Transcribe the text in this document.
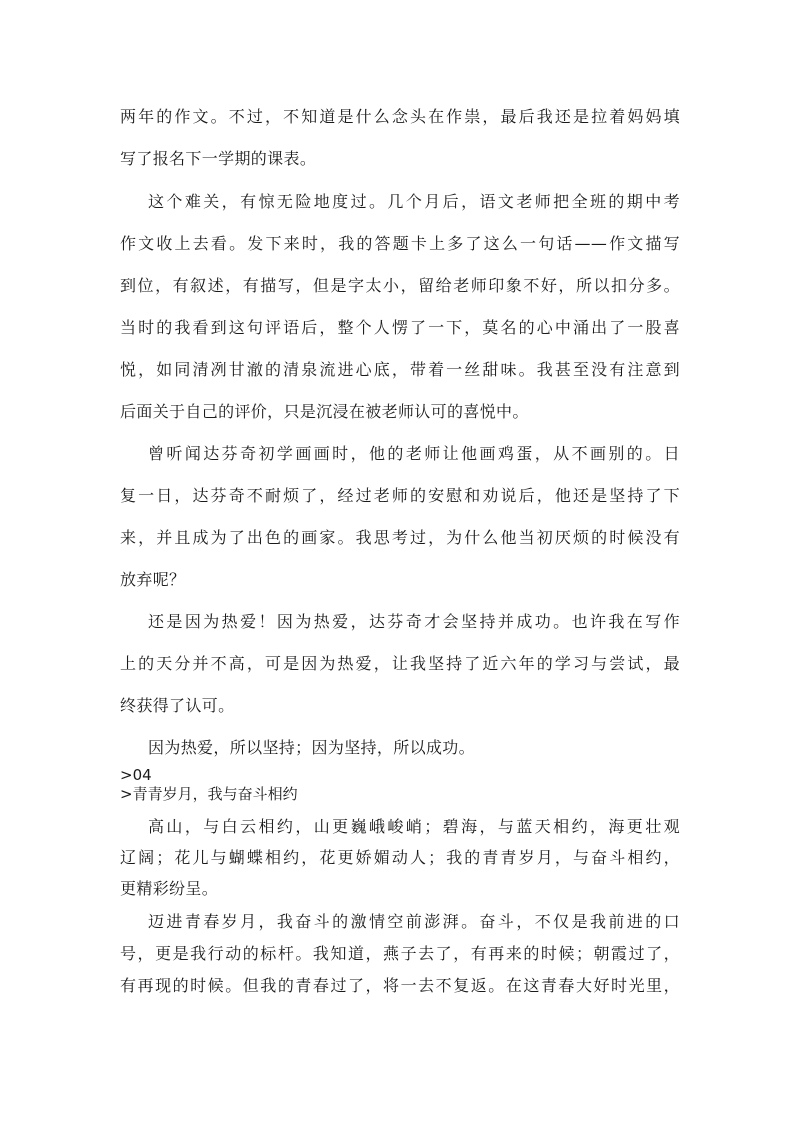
两年的作文。不过，不知道是什么念头在作祟，最后我还是拉着妈妈填
写了报名下一学期的课表。
这个难关，有惊无险地度过。几个月后，语文老师把全班的期中考
作文收上去看。发下来时，我的答题卡上多了这么一句话——作文描写
到位，有叙述，有描写，但是字太小，留给老师印象不好，所以扣分多。
当时的我看到这句评语后，整个人愣了一下，莫名的心中涌出了一股喜
悦，如同清冽甘澈的清泉流进心底，带着一丝甜味。我甚至没有注意到
后面关于自己的评价，只是沉浸在被老师认可的喜悦中。
曾听闻达芬奇初学画画时，他的老师让他画鸡蛋，从不画别的。日
复一日，达芬奇不耐烦了，经过老师的安慰和劝说后，他还是坚持了下
来，并且成为了出色的画家。我思考过，为什么他当初厌烦的时候没有
放弃呢？
还是因为热爱！因为热爱，达芬奇才会坚持并成功。也许我在写作
上的天分并不高，可是因为热爱，让我坚持了近六年的学习与尝试，最
终获得了认可。
因为热爱，所以坚持；因为坚持，所以成功。
>04
>青青岁月，我与奋斗相约
高山，与白云相约，山更巍峨峻峭；碧海，与蓝天相约，海更壮观
辽阔；花儿与蝴蝶相约，花更娇媚动人；我的青青岁月，与奋斗相约，
更精彩纷呈。
迈进青春岁月，我奋斗的激情空前澎湃。奋斗，不仅是我前进的口
号，更是我行动的标杆。我知道，燕子去了，有再来的时候；朝霞过了，
有再现的时候。但我的青春过了，将一去不复返。在这青春大好时光里，
